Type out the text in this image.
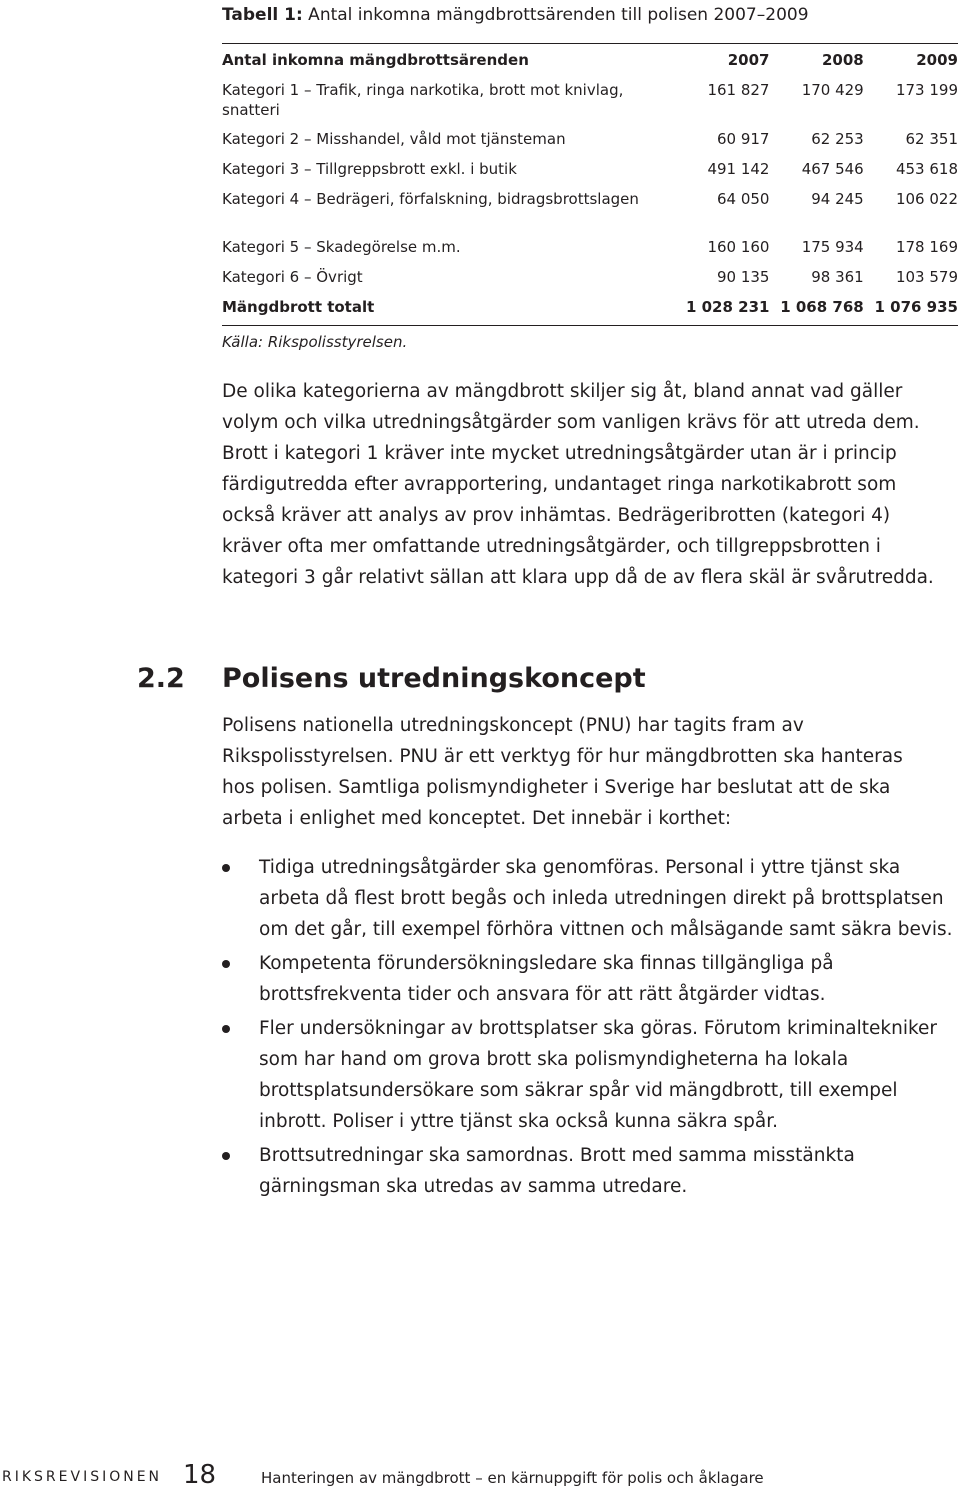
Tabell 1: Antal inkomna mängdbrottsärenden till polisen 2007–2009
Antal inkomna mängdbrottsärenden	2007	2008	2009
Kategori 1 – Trafik, ringa narkotika, brott mot knivlag, snatteri	161 827	170 429	173 199
Kategori 2 – Misshandel, våld mot tjänsteman	60 917	62 253	62 351
Kategori 3 – Tillgreppsbrott exkl. i butik	491 142	467 546	453 618
Kategori 4 – Bedrägeri, förfalskning, bidragsbrottslagen	64 050	94 245	106 022
Kategori 5 – Skadegörelse m.m.	160 160	175 934	178 169
Kategori 6 – Övrigt	90 135	98 361	103 579
Mängdbrott totalt	1 028 231	1 068 768	1 076 935
Källa: Rikspolisstyrelsen.

De olika kategorierna av mängdbrott skiljer sig åt, bland annat vad gäller volym och vilka utredningsåtgärder som vanligen krävs för att utreda dem. Brott i kategori 1 kräver inte mycket utredningsåtgärder utan är i princip färdigutredda efter avrapportering, undantaget ringa narkotikabrott som också kräver att analys av prov inhämtas. Bedrägeribrotten (kategori 4) kräver ofta mer omfattande utredningsåtgärder, och tillgreppsbrotten i kategori 3 går relativt sällan att klara upp då de av flera skäl är svårutredda.

2.2 Polisens utredningskoncept

Polisens nationella utredningskoncept (PNU) har tagits fram av Rikspolisstyrelsen. PNU är ett verktyg för hur mängdbrotten ska hanteras hos polisen. Samtliga polismyndigheter i Sverige har beslutat att de ska arbeta i enlighet med konceptet. Det innebär i korthet:

Tidiga utredningsåtgärder ska genomföras. Personal i yttre tjänst ska arbeta då flest brott begås och inleda utredningen direkt på brottsplatsen om det går, till exempel förhöra vittnen och målsägande samt säkra bevis.
Kompetenta förundersökningsledare ska finnas tillgängliga på brottsfrekventa tider och ansvara för att rätt åtgärder vidtas.
Fler undersökningar av brottsplatser ska göras. Förutom kriminaltekniker som har hand om grova brott ska polismyndigheterna ha lokala brottsplatsundersökare som säkrar spår vid mängdbrott, till exempel inbrott. Poliser i yttre tjänst ska också kunna säkra spår.
Brottsutredningar ska samordnas. Brott med samma misstänkta gärningsman ska utredas av samma utredare.
RIKSREVISIONEN 18	Hanteringen av mängdbrott – en kärnuppgift för polis och åklagare
